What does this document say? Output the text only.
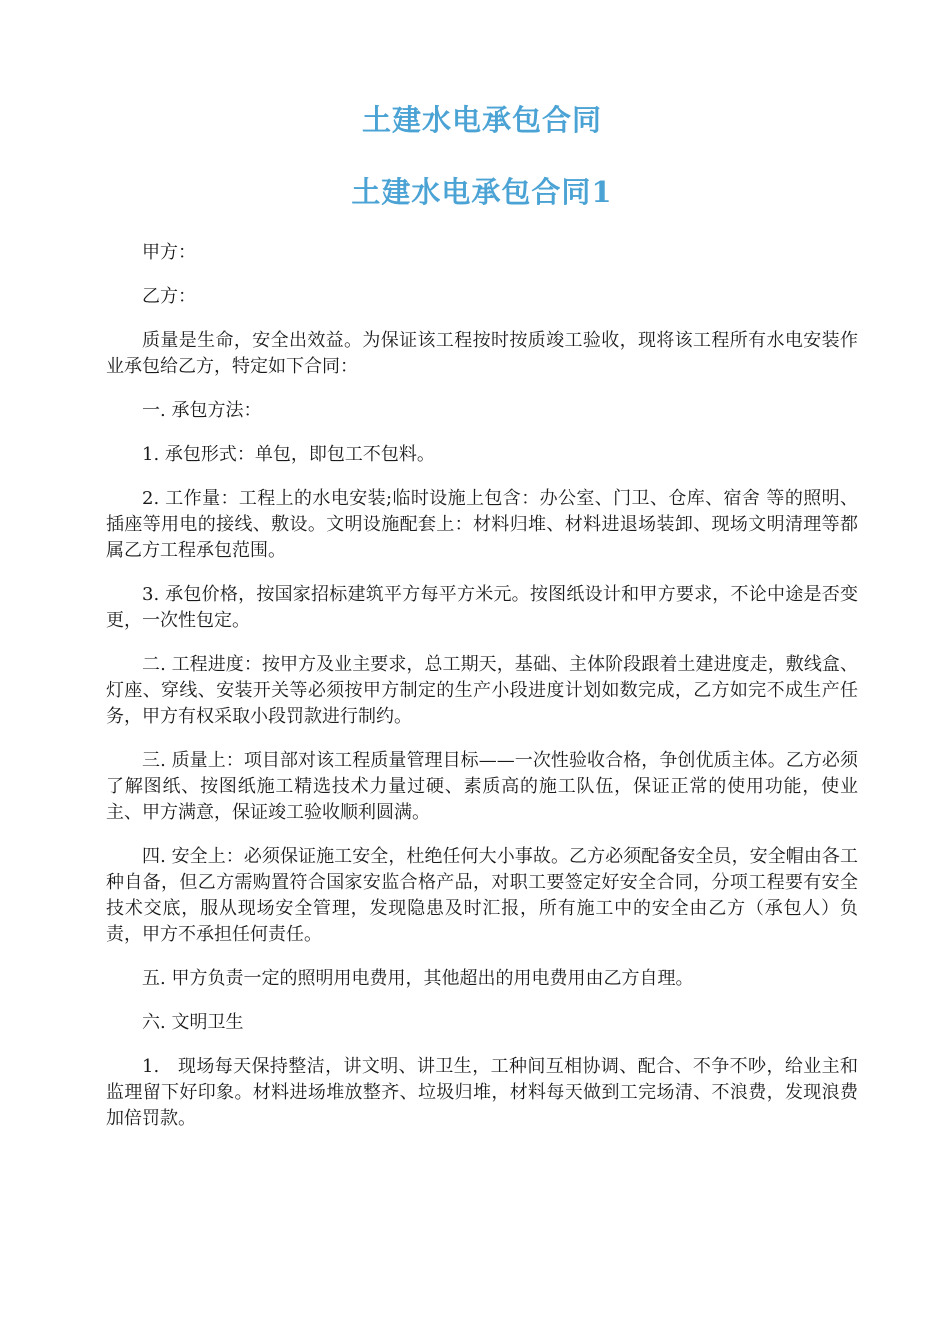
土建水电承包合同
土建水电承包合同1

甲方：

乙方：

质量是生命，安全出效益。为保证该工程按时按质竣工验收，现将该工程所有水电安装作业承包给乙方，特定如下合同：

一. 承包方法：

1. 承包形式：单包，即包工不包料。

2. 工作量：工程上的水电安装;临时设施上包含：办公室、门卫、仓库、宿舍 等的照明、插座等用电的接线、敷设。文明设施配套上：材料归堆、材料进退场装卸、现场文明清理等都属乙方工程承包范围。

3. 承包价格，按国家招标建筑平方每平方米元。按图纸设计和甲方要求，不论中途是否变更，一次性包定。

二. 工程进度：按甲方及业主要求，总工期天，基础、主体阶段跟着土建进度走，敷线盒、灯座、穿线、安装开关等必须按甲方制定的生产小段进度计划如数完成，乙方如完不成生产任务，甲方有权采取小段罚款进行制约。

三. 质量上：项目部对该工程质量管理目标——一次性验收合格，争创优质主体。乙方必须了解图纸、按图纸施工精选技术力量过硬、素质高的施工队伍，保证正常的使用功能，使业主、甲方满意，保证竣工验收顺利圆满。

四. 安全上：必须保证施工安全，杜绝任何大小事故。乙方必须配备安全员，安全帽由各工种自备，但乙方需购置符合国家安监合格产品，对职工要签定好安全合同，分项工程要有安全技术交底，服从现场安全管理，发现隐患及时汇报，所有施工中的安全由乙方（承包人）负责，甲方不承担任何责任。

五. 甲方负责一定的照明用电费用，其他超出的用电费用由乙方自理。

六. 文明卫生

1.　现场每天保持整洁，讲文明、讲卫生，工种间互相协调、配合、不争不吵，给业主和监理留下好印象。材料进场堆放整齐、垃圾归堆，材料每天做到工完场清、不浪费，发现浪费加倍罚款。
